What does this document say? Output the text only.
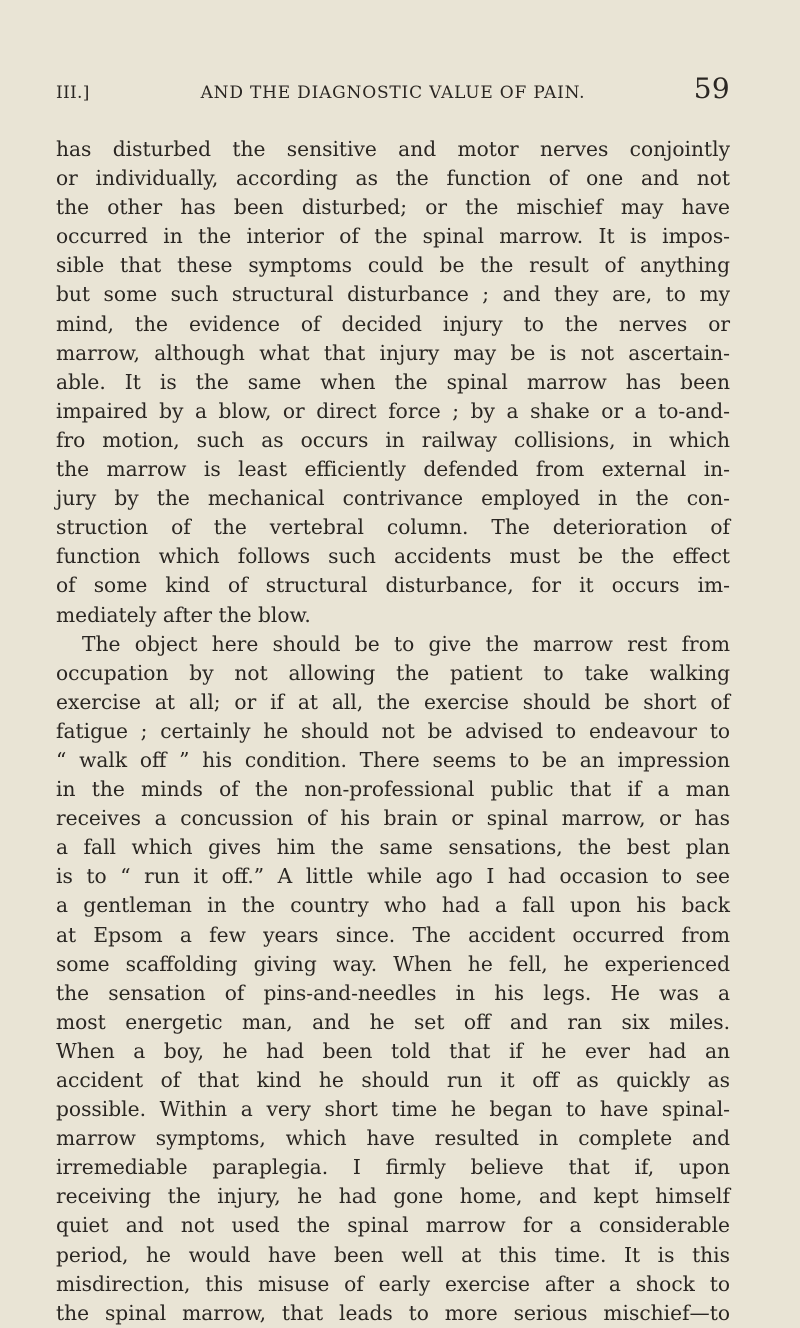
III.]	AND THE DIAGNOSTIC VALUE OF PAIN.	59
has disturbed the sensitive and motor nerves conjointly
or individually, according as the function of one and not
the other has been disturbed; or the mischief may have
occurred in the interior of the spinal marrow. It is impos-
sible that these symptoms could be the result of anything
but some such structural disturbance ; and they are, to my
mind, the evidence of decided injury to the nerves or
marrow, although what that injury may be is not ascertain-
able. It is the same when the spinal marrow has been
impaired by a blow, or direct force ; by a shake or a to-and-
fro motion, such as occurs in railway collisions, in which
the marrow is least efficiently defended from external in-
jury by the mechanical contrivance employed in the con-
struction of the vertebral column. The deterioration of
function which follows such accidents must be the effect
of some kind of structural disturbance, for it occurs im-
mediately after the blow.
The object here should be to give the marrow rest from
occupation by not allowing the patient to take walking
exercise at all; or if at all, the exercise should be short of
fatigue ; certainly he should not be advised to endeavour to
“ walk off ” his condition. There seems to be an impression
in the minds of the non-professional public that if a man
receives a concussion of his brain or spinal marrow, or has
a fall which gives him the same sensations, the best plan
is to “ run it off.” A little while ago I had occasion to see
a gentleman in the country who had a fall upon his back
at Epsom a few years since. The accident occurred from
some scaffolding giving way. When he fell, he experienced
the sensation of pins-and-needles in his legs. He was a
most energetic man, and he set off and ran six miles.
When a boy, he had been told that if he ever had an
accident of that kind he should run it off as quickly as
possible. Within a very short time he began to have spinal-
marrow symptoms, which have resulted in complete and
irremediable paraplegia. I firmly believe that if, upon
receiving the injury, he had gone home, and kept himself
quiet and not used the spinal marrow for a considerable
period, he would have been well at this time. It is this
misdirection, this misuse of early exercise after a shock to
the spinal marrow, that leads to more serious mischief—to
